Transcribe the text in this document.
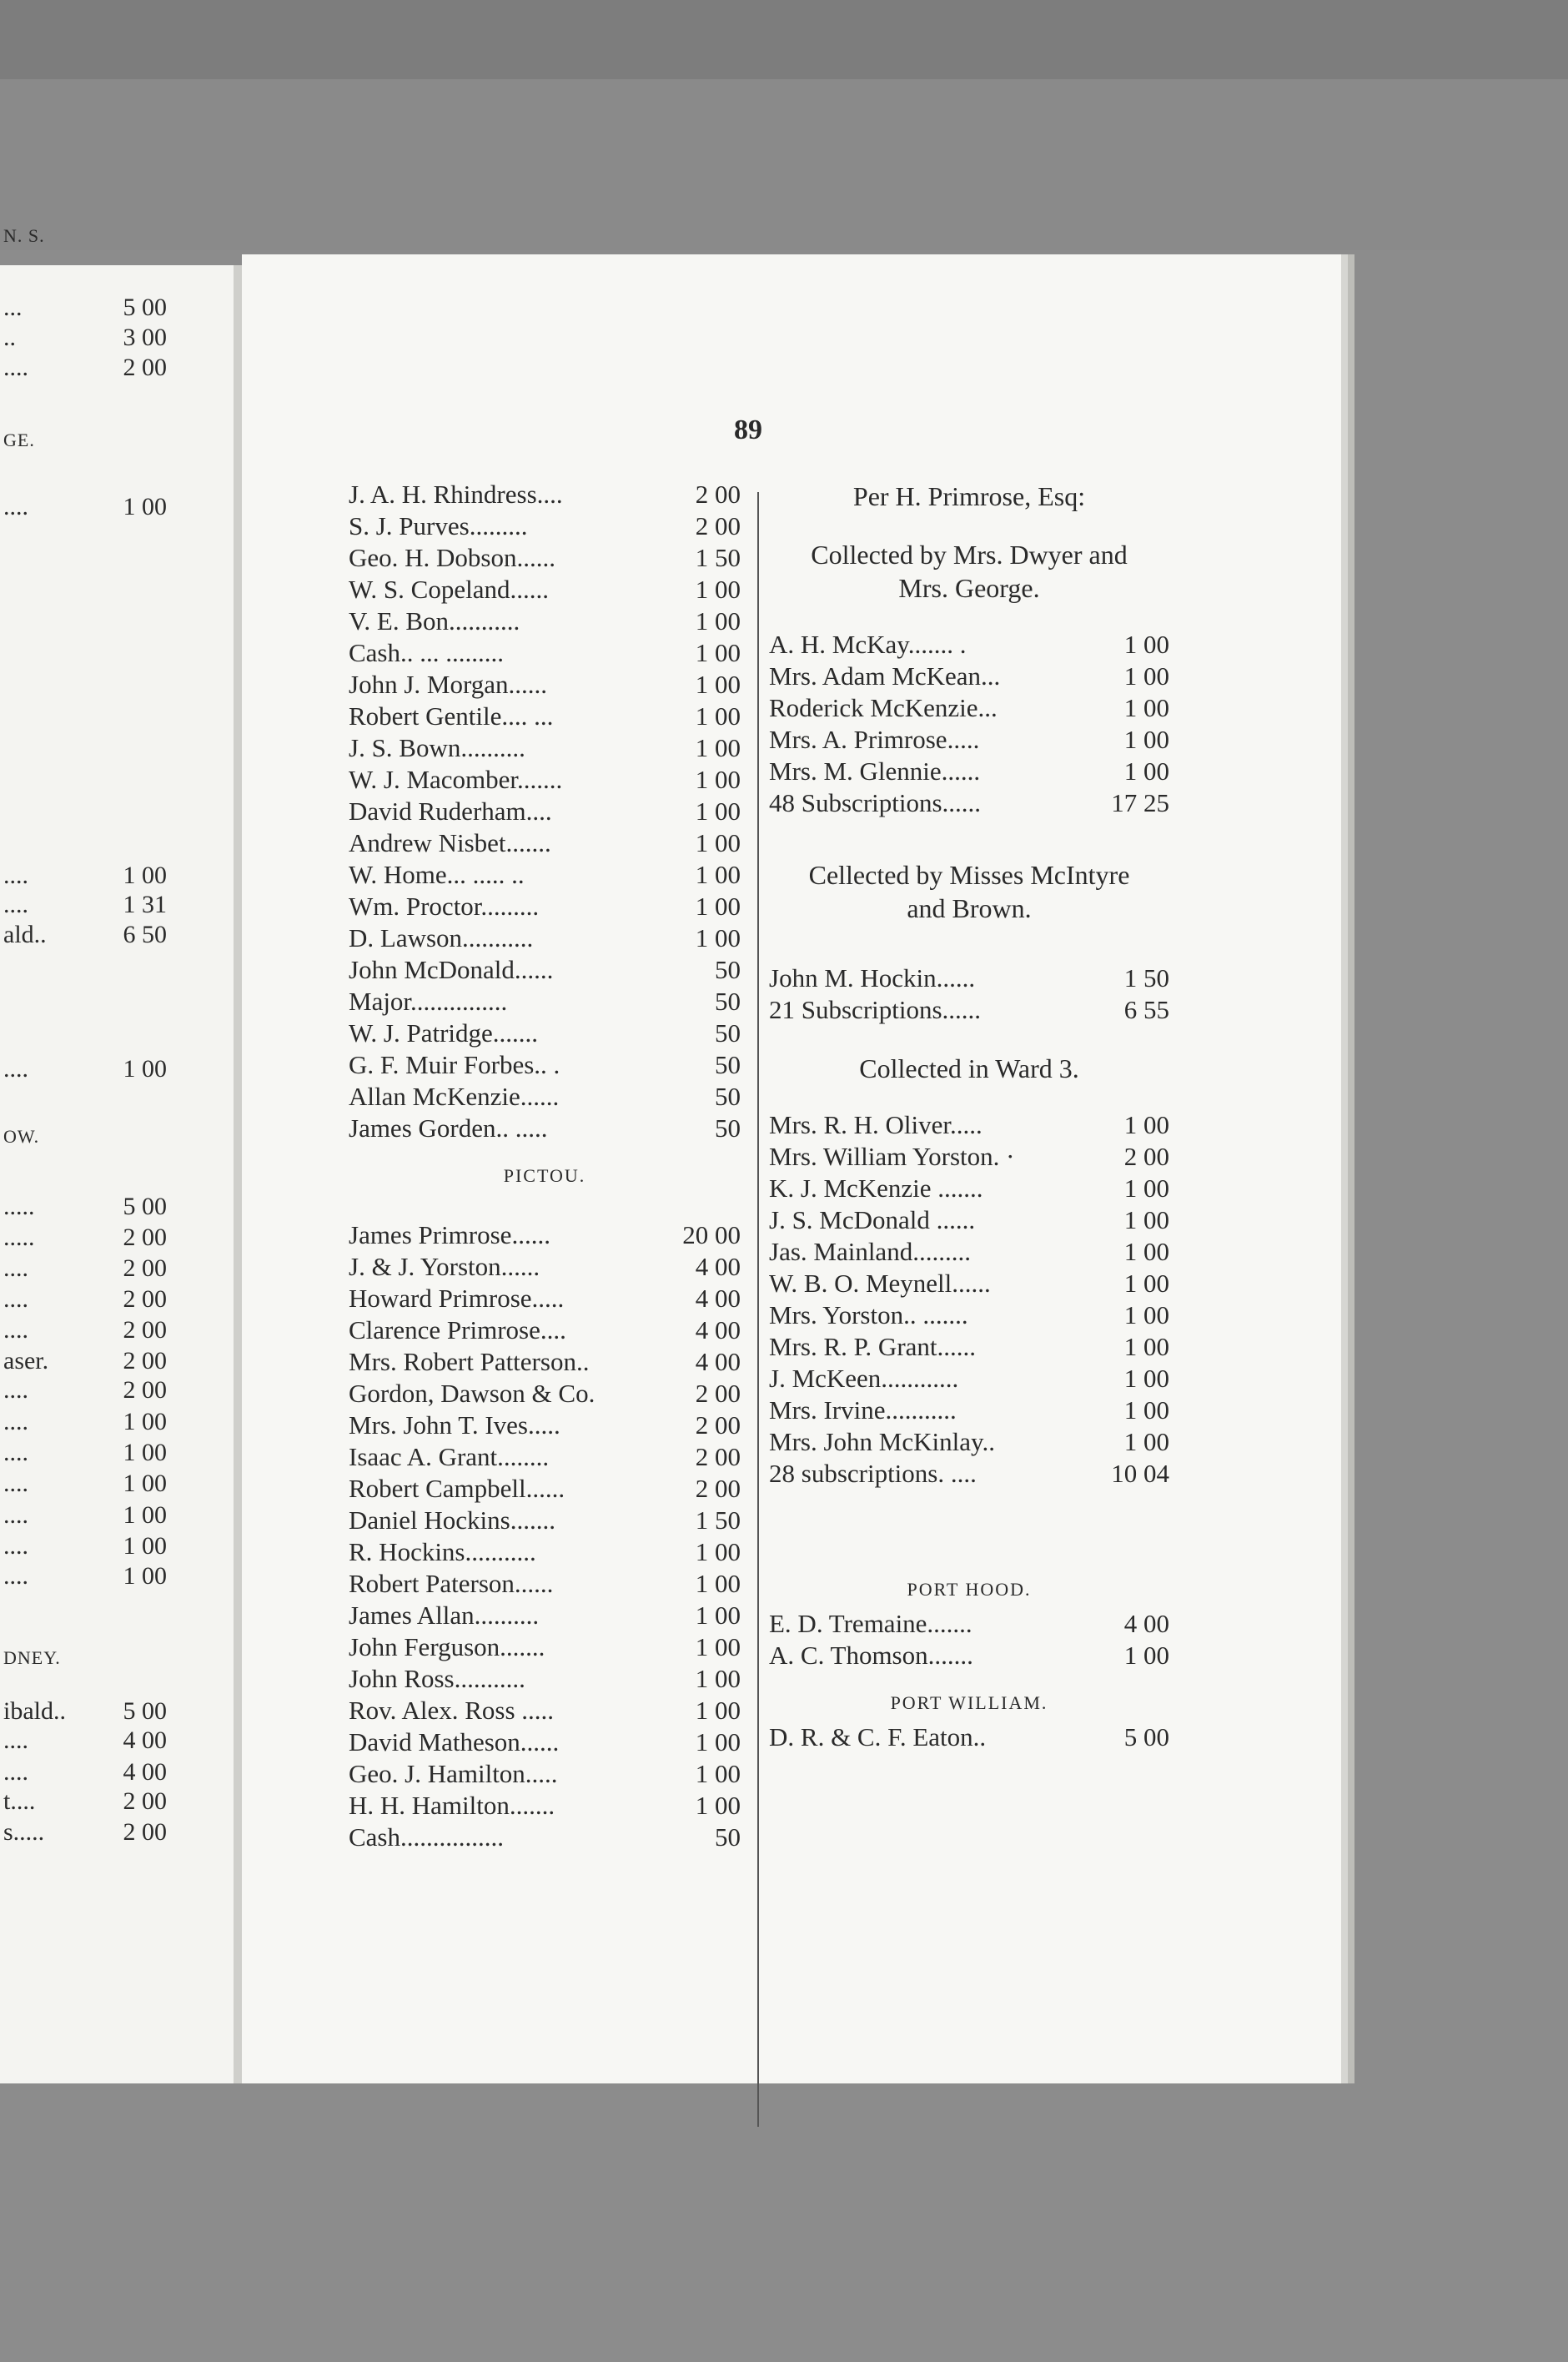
N. S.
...	5 00
..	3 00
....	2 00
GE.
....	1 00
....	1 00
....	1 31
ald..	6 50
....	1 00
OW.
.....	5 00
.....	2 00
....	2 00
....	2 00
....	2 00
aser.	2 00
....	2 00
....	1 00
....	1 00
....	1 00
....	1 00
....	1 00
....	1 00
DNEY.
ibald.. 5 00
....	4 00
....	4 00
t....	2 00
s.....	2 00
89
J. A. H. Rhindress....	2 00
S. J. Purves.........	2 00
Geo. H. Dobson......	1 50
W. S. Copeland......	1 00
V. E. Bon...........	1 00
Cash.. ... .........	1 00
John J. Morgan......	1 00
Robert Gentile.... ...	1 00
J. S. Bown..........	1 00
W. J. Macomber.......	1 00
David Ruderham....	1 00
Andrew Nisbet.......	1 00
W. Home... ..... ..	1 00
Wm. Proctor.........	1 00
D. Lawson...........	1 00
John McDonald......	50
Major...............	50
W. J. Patridge.......	50
G. F. Muir Forbes.. .	50
Allan McKenzie......	50
James Gorden.. .....	50
PICTOU.
James Primrose......	20 00
J. & J. Yorston......	4 00
Howard Primrose.....	4 00
Clarence Primrose....	4 00
Mrs. Robert Patterson..	4 00
Gordon, Dawson & Co.	2 00
Mrs. John T. Ives.....	2 00
Isaac A. Grant........	2 00
Robert Campbell......	2 00
Daniel Hockins.......	1 50
R. Hockins...........	1 00
Robert Paterson......	1 00
James Allan..........	1 00
John Ferguson.......	1 00
John Ross...........	1 00
Rov. Alex. Ross .....	1 00
David Matheson......	1 00
Geo. J. Hamilton.....	1 00
H. H. Hamilton.......	1 00
Cash................	50
Per H. Primrose, Esq:
Collected by Mrs. Dwyer and
Mrs. George.
A. H. McKay....... .	1 00
Mrs. Adam McKean...	1 00
Roderick McKenzie...	1 00
Mrs. A. Primrose.....	1 00
Mrs. M. Glennie......	1 00
48 Subscriptions......	17 25
Cellected by Misses McIntyre
and Brown.
John M. Hockin......	1 50
21 Subscriptions......	6 55
Collected in Ward 3.
Mrs. R. H. Oliver.....	1 00
Mrs. William Yorston. ·	2 00
K. J. McKenzie .......	1 00
J. S. McDonald ......	1 00
Jas. Mainland.........	1 00
W. B. O. Meynell......	1 00
Mrs. Yorston.. .......	1 00
Mrs. R. P. Grant......	1 00
J. McKeen............	1 00
Mrs. Irvine...........	1 00
Mrs. John McKinlay..	1 00
28 subscriptions. ....	10 04
PORT HOOD.
E. D. Tremaine.......	4 00
A. C. Thomson.......	1 00
PORT WILLIAM.
D. R. & C. F. Eaton..	5 00
